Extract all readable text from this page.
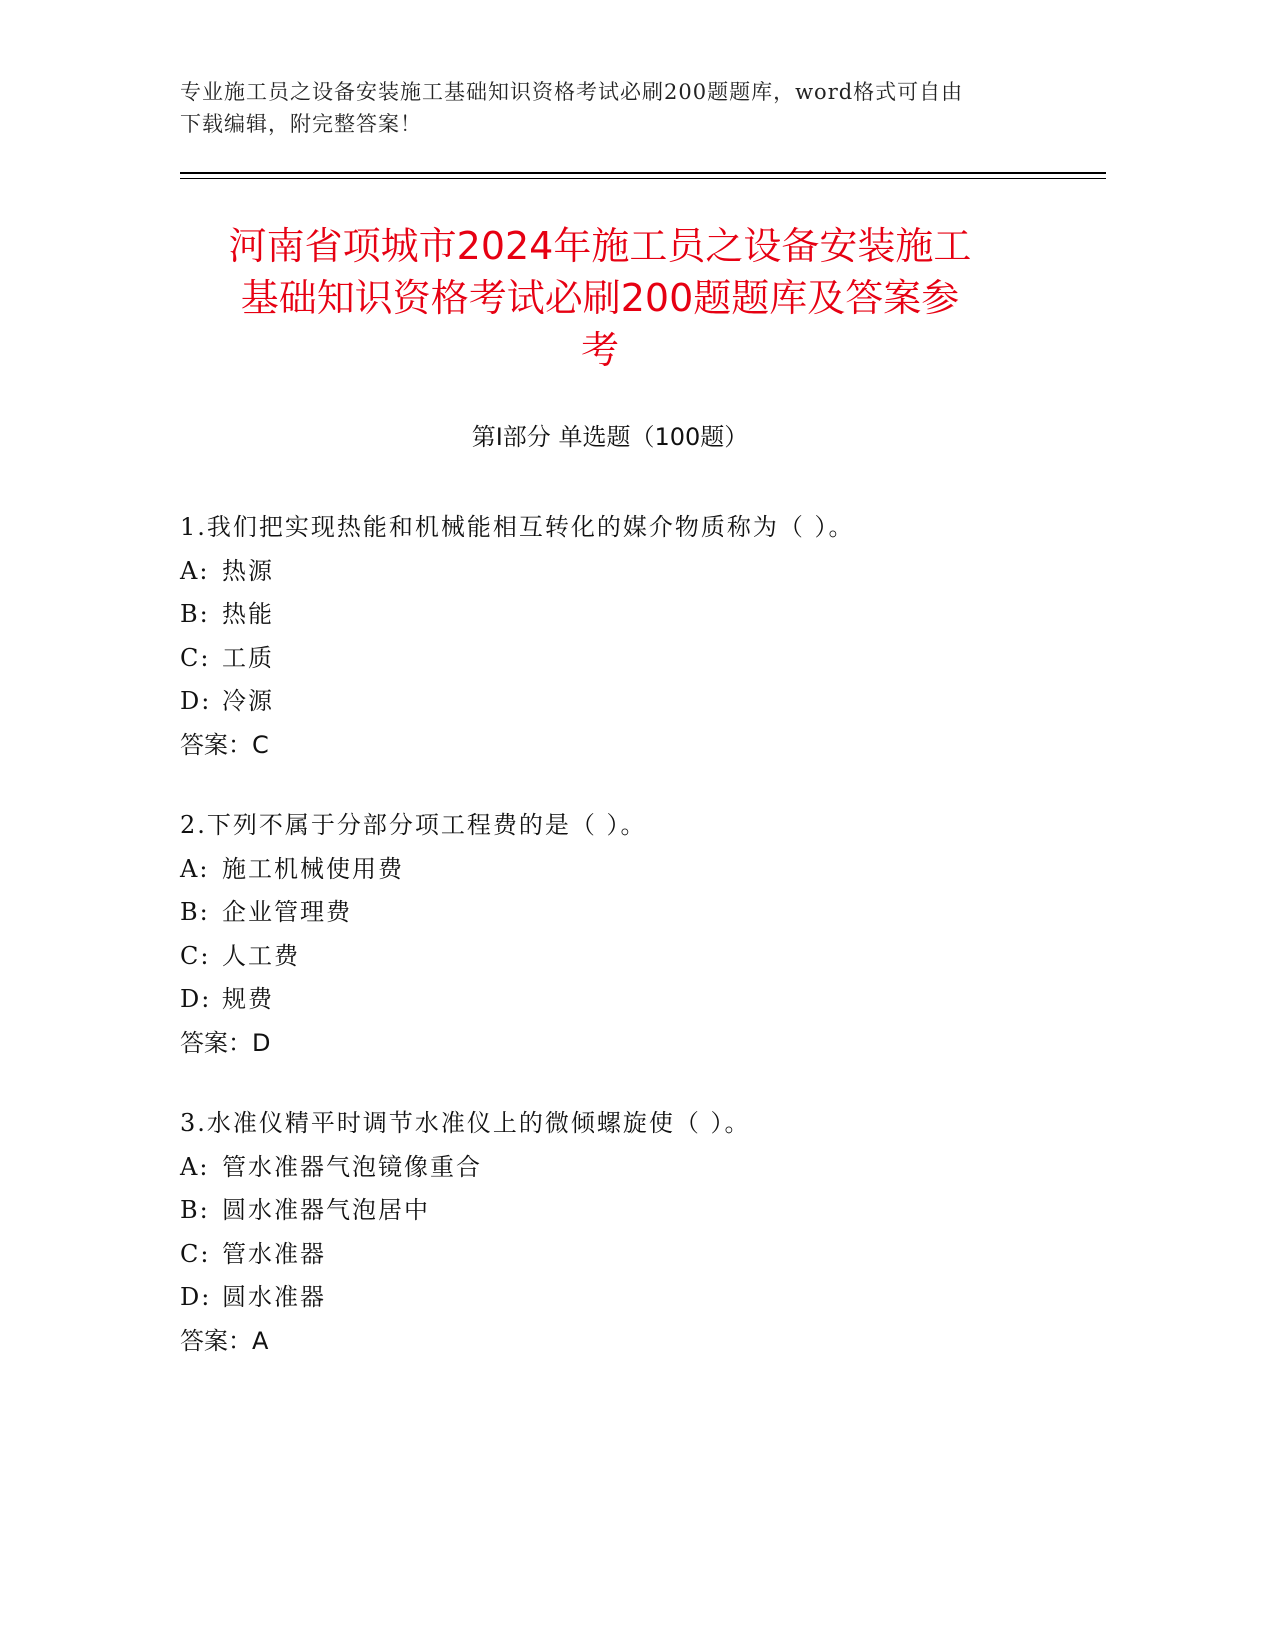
专业施工员之设备安装施工基础知识资格考试必刷200题题库，word格式可自由
下载编辑，附完整答案！
河南省项城市2024年施工员之设备安装施工
基础知识资格考试必刷200题题库及答案参
考
第Ⅰ部分 单选题（100题）
1.我们把实现热能和机械能相互转化的媒介物质称为（ ）。
A: 热源
B: 热能
C: 工质
D: 冷源
答案：C
2.下列不属于分部分项工程费的是（ ）。
A: 施工机械使用费
B: 企业管理费
C: 人工费
D: 规费
答案：D
3.水准仪精平时调节水准仪上的微倾螺旋使（ ）。
A: 管水准器气泡镜像重合
B: 圆水准器气泡居中
C: 管水准器
D: 圆水准器
答案：A
